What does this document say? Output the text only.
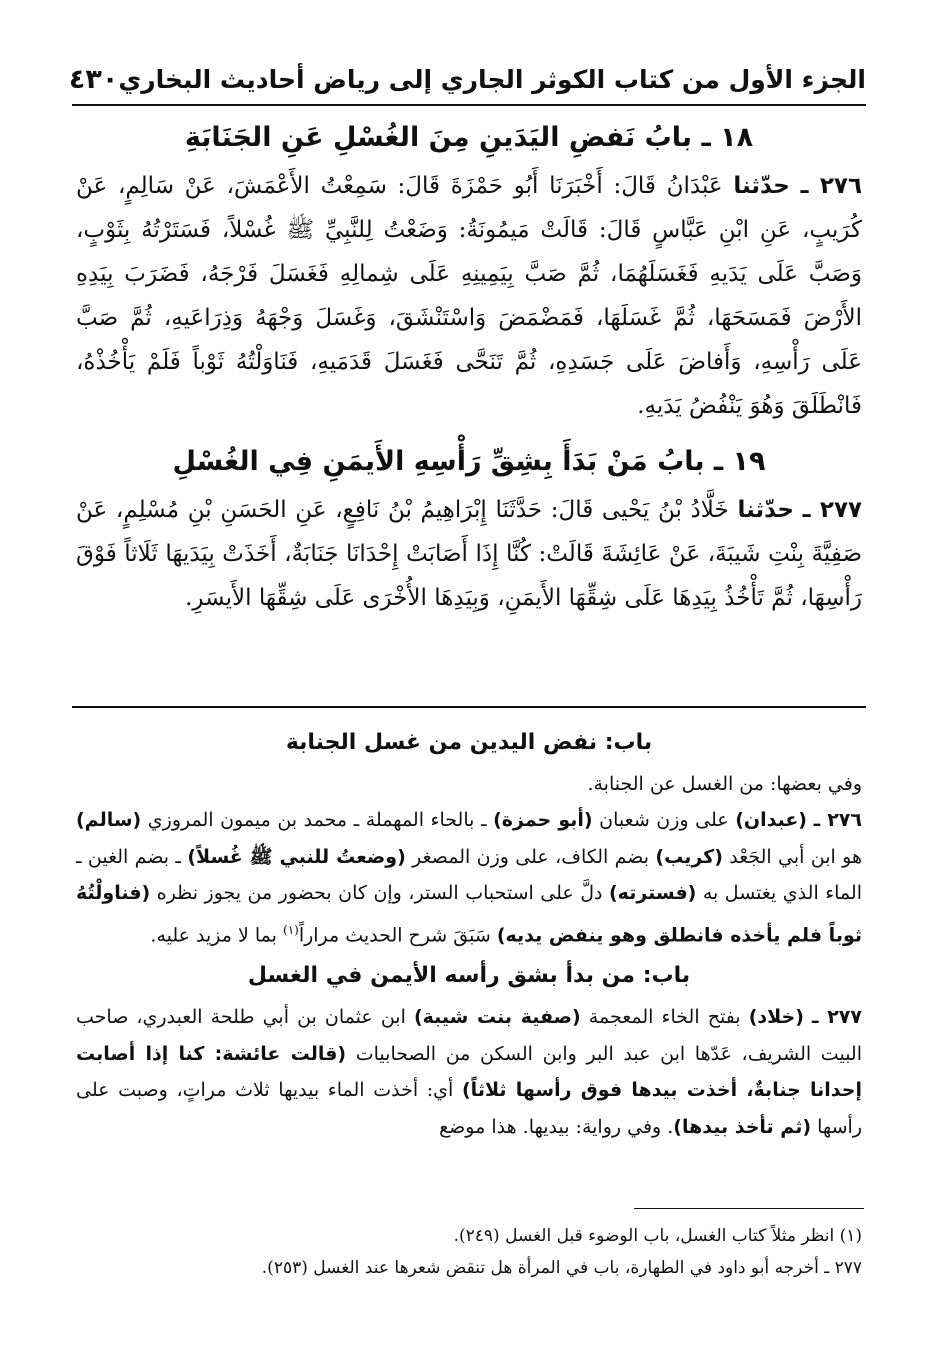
الجزء الأول من كتاب الكوثر الجاري إلى رياض أحاديث البخاري
٤٣٠
١٨ ـ بابُ نَفضِ اليَدَينِ مِنَ الغُسْلِ عَنِ الجَنَابَةِ

٢٧٦ ـ حدّثنا عَبْدَانُ قَالَ: أَخْبَرَنَا أَبُو حَمْزَةَ قَالَ: سَمِعْتُ الأَعْمَشَ، عَنْ سَالِمٍ، عَنْ كُرَيبٍ، عَنِ ابْنِ عَبَّاسٍ قَالَ: قَالَتْ مَيمُونَةُ: وَضَعْتُ لِلنَّبِيِّ ﷺ غُسْلاً، فَسَتَرْتُهُ بِثَوْبٍ، وَصَبَّ عَلَى يَدَيهِ فَغَسَلَهُمَا، ثُمَّ صَبَّ بِيَمِينِهِ عَلَى شِمالِهِ فَغَسَلَ فَرْجَهُ، فَضَرَبَ بِيَدِهِ الأَرْضَ فَمَسَحَهَا، ثُمَّ غَسَلَهَا، فَمَضْمَضَ وَاسْتَنْشَقَ، وَغَسَلَ وَجْهَهُ وَذِرَاعَيهِ، ثُمَّ صَبَّ عَلَى رَأْسِهِ، وَأَفاضَ عَلَى جَسَدِهِ، ثُمَّ تَنَحَّى فَغَسَلَ قَدَمَيهِ، فَنَاوَلْتُهُ ثَوْباً فَلَمْ يَأْخُذْهُ، فَانْطَلَقَ وَهُوَ يَنْفُضُ يَدَيهِ.

١٩ ـ بابُ مَنْ بَدَأَ بِشِقِّ رَأْسِهِ الأَيمَنِ فِي الغُسْلِ

٢٧٧ ـ حدّثنا خَلَّادُ بْنُ يَحْيى قَالَ: حَدَّثَنَا إِبْرَاهِيمُ بْنُ نَافِعٍ، عَنِ الحَسَنِ بْنِ مُسْلِمٍ، عَنْ صَفِيَّةَ بِنْتِ شَيبَةَ، عَنْ عَائِشَةَ قَالَتْ: كُنَّا إِذَا أَصَابَتْ إِحْدَانَا جَنَابَةٌ، أَخَذَتْ بِيَدَيهَا ثَلَاثاً فَوْقَ رَأْسِهَا، ثُمَّ تَأْخُذُ بِيَدِهَا عَلَى شِقِّهَا الأَيمَنِ، وَبِيَدِهَا الأُخْرَى عَلَى شِقِّهَا الأَيسَرِ.

باب: نفض اليدين من غسل الجنابة

وفي بعضها: من الغسل عن الجنابة.

٢٧٦ ـ (عبدان) على وزن شعبان (أبو حمزة) ـ بالحاء المهملة ـ محمد بن ميمون المروزي (سالم) هو ابن أبي الجَعْد (كريب) بضم الكاف، على وزن المصغر (وضعتُ للنبي ﷺ غُسلاً) ـ بضم الغين ـ الماء الذي يغتسل به (فسترته) دلَّ على استحباب الستر، وإن كان بحضور من يجوز نظره (فناولْتُهُ ثوباً فلم يأخذه فانطلق وهو ينفض يديه) سَبَقَ شرح الحديث مراراً$^{(١)}$ بما لا مزيد عليه.

باب: من بدأ بشق رأسه الأيمن في الغسل

٢٧٧ ـ (خلاد) بفتح الخاء المعجمة (صفية بنت شيبة) ابن عثمان بن أبي طلحة العبدري، صاحب البيت الشريف، عَدّها ابن عبد البر وابن السكن من الصحابيات (قالت عائشة: كنا إذا أصابت إحدانا جنابةٌ، أخذت بيدها فوق رأسها ثلاثاً) أي: أخذت الماء بيديها ثلاث مراتٍ، وصبت على رأسها (ثم تأخذ بيدها). وفي رواية: بيديها. هذا موضع

(١) انظر مثلاً كتاب الغسل، باب الوضوء قبل الغسل (٢٤٩).

٢٧٧ ـ أخرجه أبو داود في الطهارة، باب في المرأة هل تنقض شعرها عند الغسل (٢٥٣).
